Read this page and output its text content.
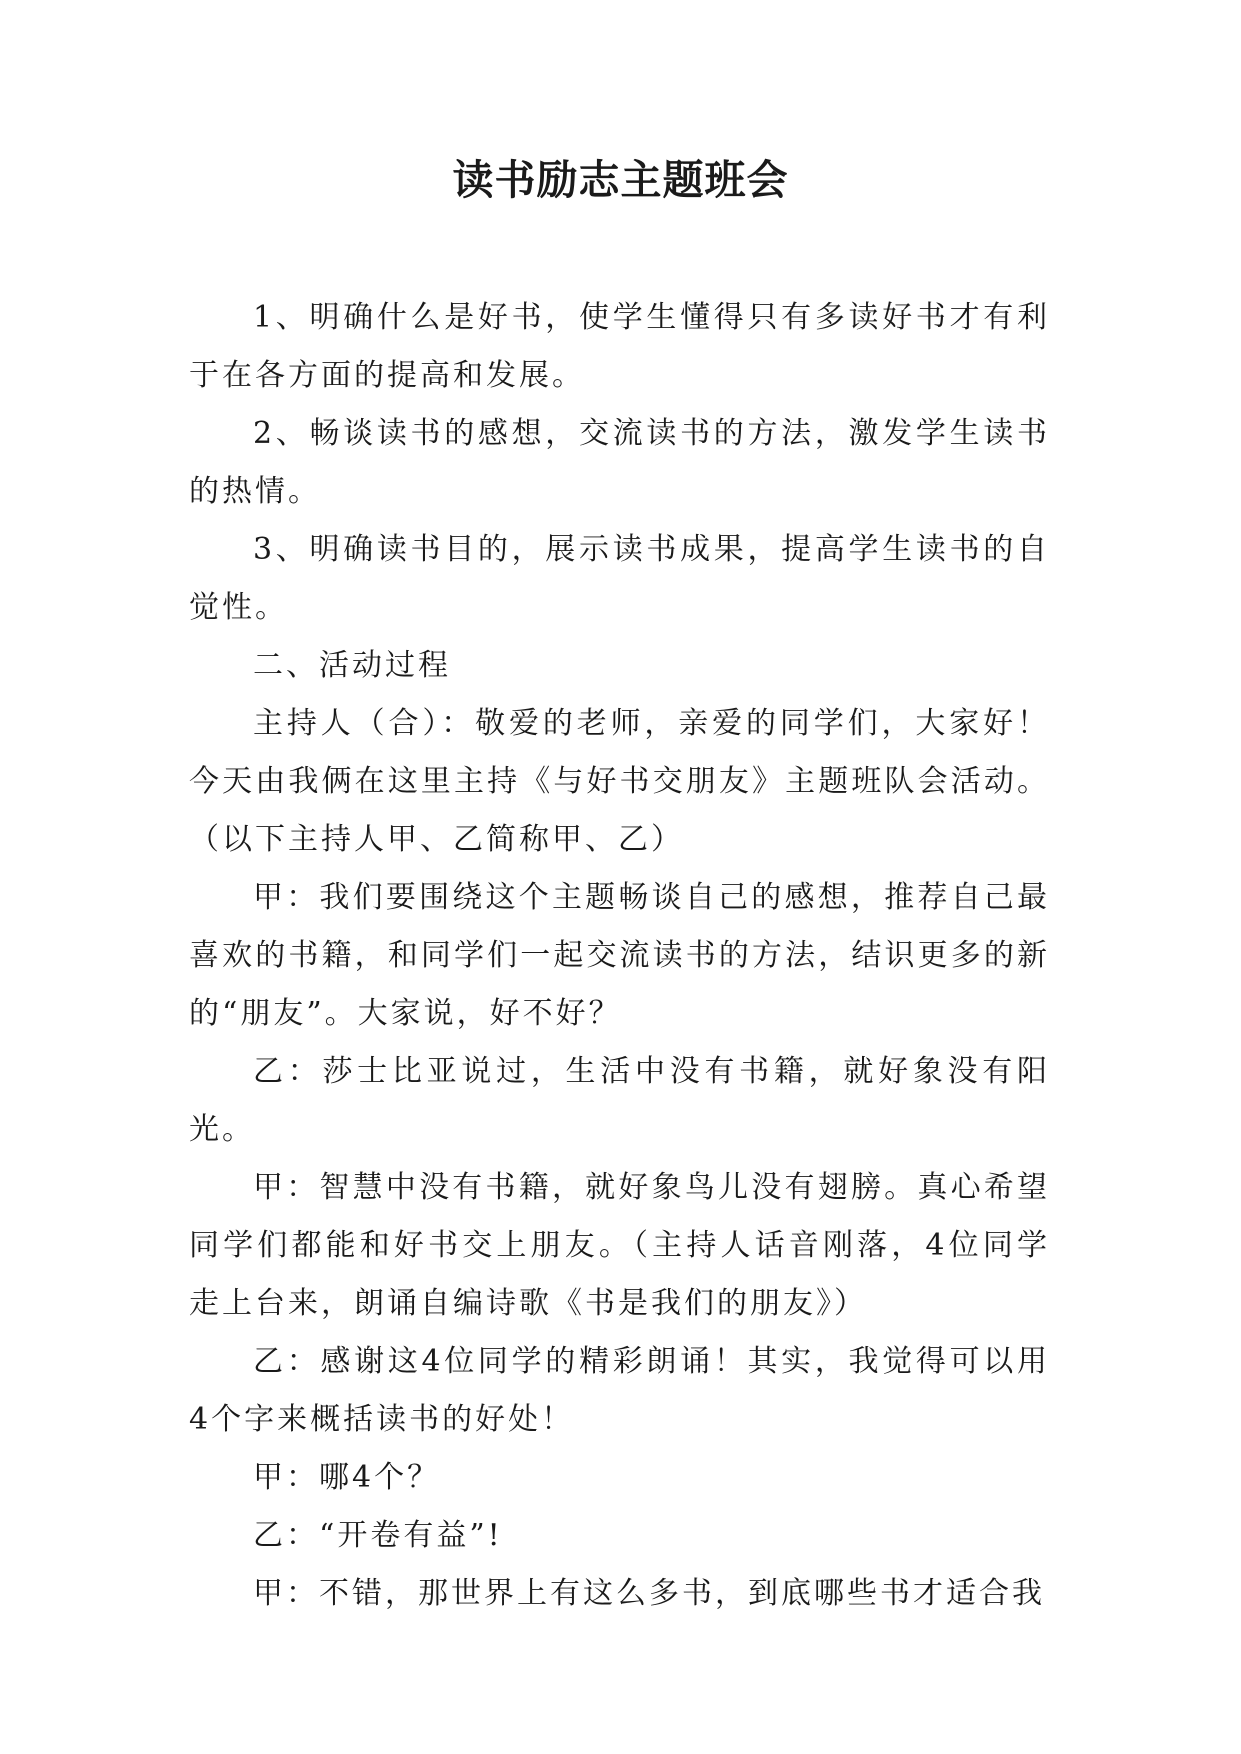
读书励志主题班会

1、明确什么是好书，使学生懂得只有多读好书才有利于在各方面的提高和发展。

2、畅谈读书的感想，交流读书的方法，激发学生读书的热情。

3、明确读书目的，展示读书成果，提高学生读书的自觉性。

二、活动过程

主持人（合）：敬爱的老师，亲爱的同学们，大家好！今天由我俩在这里主持《与好书交朋友》主题班队会活动。（以下主持人甲、乙简称甲、乙）

甲：我们要围绕这个主题畅谈自己的感想，推荐自己最喜欢的书籍，和同学们一起交流读书的方法，结识更多的新的“朋友”。大家说，好不好？

乙：莎士比亚说过，生活中没有书籍，就好象没有阳光。

甲：智慧中没有书籍，就好象鸟儿没有翅膀。真心希望同学们都能和好书交上朋友。（主持人话音刚落，4位同学走上台来，朗诵自编诗歌《书是我们的朋友》）

乙：感谢这4位同学的精彩朗诵！其实，我觉得可以用4个字来概括读书的好处！

甲：哪4个？

乙：“开卷有益”!

甲：不错，那世界上有这么多书，到底哪些书才适合我
